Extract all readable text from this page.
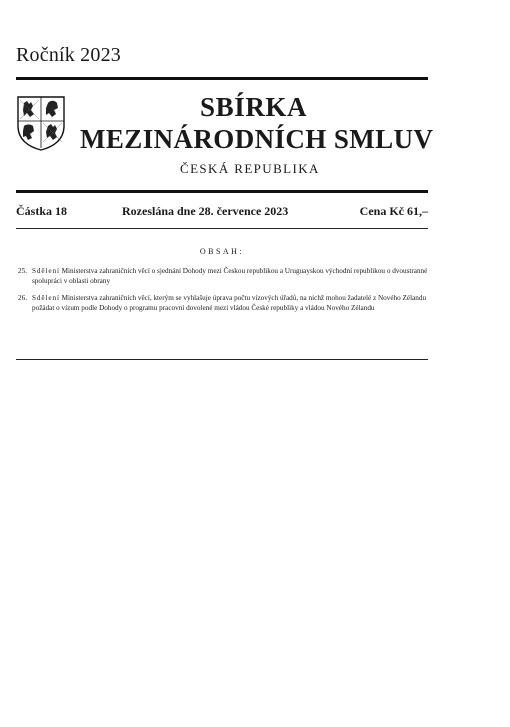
Ročník 2023
SBÍRKA
MEZINÁRODNÍCH SMLUV
ČESKÁ REPUBLIKA
Částka 18	Rozeslána dne 28. července 2023	Cena Kč 61,–
OBSAH:
25. Sdělení Ministerstva zahraničních věcí o sjednání Dohody mezi Českou republikou a Uruguayskou východní republikou o dvoustranné spolupráci v oblasti obrany
26. Sdělení Ministerstva zahraničních věcí, kterým se vyhlašuje úprava počtu vízových úřadů, na nichž mohou žadatelé z Nového Zélandu požádat o vízum podle Dohody o programu pracovní dovolené mezi vládou České republiky a vládou Nového Zélandu
